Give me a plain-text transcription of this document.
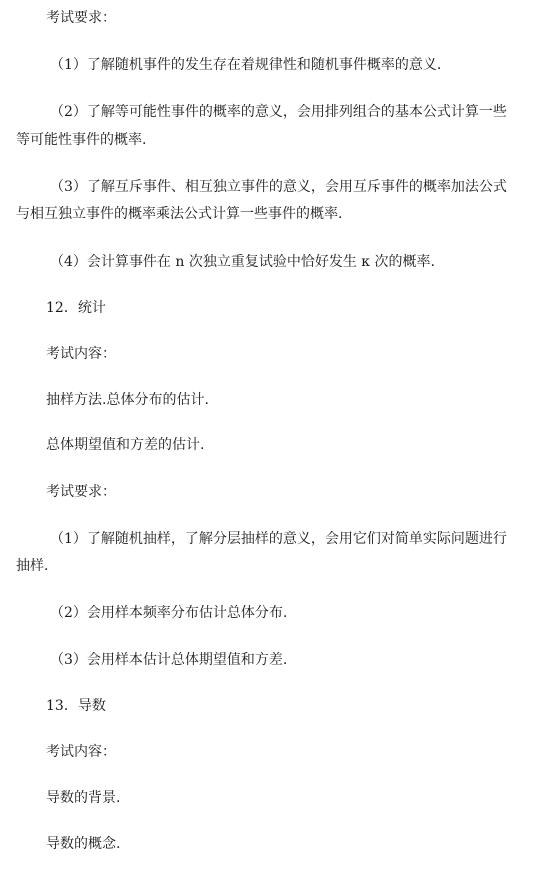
考试要求：
（1）了解随机事件的发生存在着规律性和随机事件概率的意义.
（2）了解等可能性事件的概率的意义，会用排列组合的基本公式计算一些
等可能性事件的概率.
（3）了解互斥事件、相互独立事件的意义，会用互斥事件的概率加法公式
与相互独立事件的概率乘法公式计算一些事件的概率.
（4）会计算事件在 n 次独立重复试验中恰好发生 κ 次的概率.
12．统计
考试内容：
抽样方法.总体分布的估计.
总体期望值和方差的估计.
考试要求：
（1）了解随机抽样，了解分层抽样的意义，会用它们对简单实际问题进行
抽样.
（2）会用样本频率分布估计总体分布.
（3）会用样本估计总体期望值和方差.
13．导数
考试内容：
导数的背景.
导数的概念.
